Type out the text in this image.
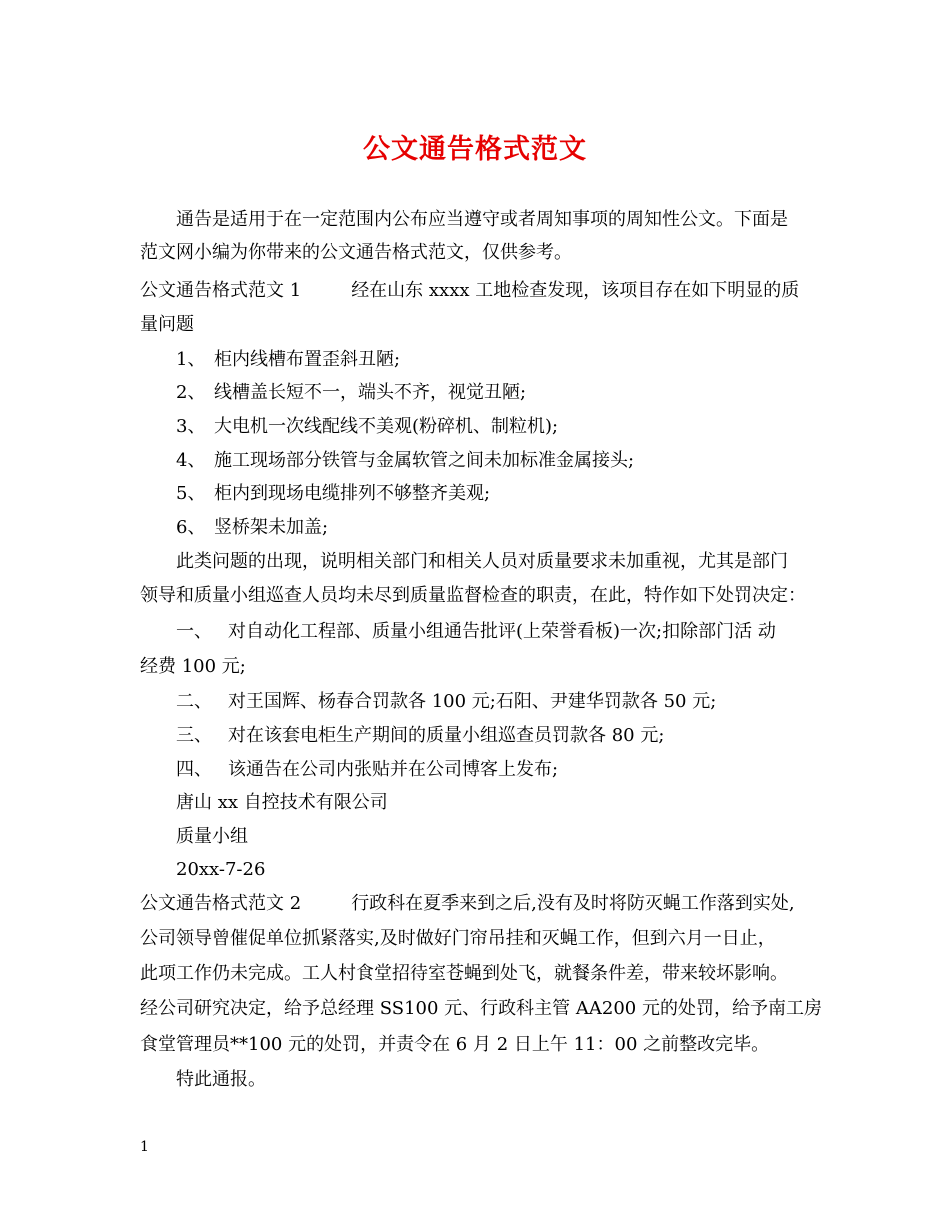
公文通告格式范文
通告是适用于在一定范围内公布应当遵守或者周知事项的周知性公文。下面是
范文网小编为你带来的公文通告格式范文，仅供参考。
公文通告格式范文 1	经在山东 xxxx 工地检查发现，该项目存在如下明显的质
量问题
1、 柜内线槽布置歪斜丑陋;
2、 线槽盖长短不一，端头不齐，视觉丑陋;
3、 大电机一次线配线不美观(粉碎机、制粒机);
4、 施工现场部分铁管与金属软管之间未加标准金属接头;
5、 柜内到现场电缆排列不够整齐美观;
6、 竖桥架未加盖;
此类问题的出现，说明相关部门和相关人员对质量要求未加重视，尤其是部门
领导和质量小组巡查人员均未尽到质量监督检查的职责，在此，特作如下处罚决定：
一、 对自动化工程部、质量小组通告批评(上荣誉看板)一次;扣除部门活 动
经费 100 元;
二、 对王国辉、杨春合罚款各 100 元;石阳、尹建华罚款各 50 元;
三、 对在该套电柜生产期间的质量小组巡查员罚款各 80 元;
四、 该通告在公司内张贴并在公司博客上发布;
唐山 xx 自控技术有限公司
质量小组
20xx-7-26
公文通告格式范文 2	行政科在夏季来到之后,没有及时将防灭蝇工作落到实处,
公司领导曾催促单位抓紧落实,及时做好门帘吊挂和灭蝇工作，但到六月一日止，
此项工作仍未完成。工人村食堂招待室苍蝇到处飞，就餐条件差，带来较坏影响。
经公司研究决定，给予总经理 SS100 元、行政科主管 AA200 元的处罚，给予南工房
食堂管理员**100 元的处罚，并责令在 6 月 2 日上午 11：00 之前整改完毕。
特此通报。
1
